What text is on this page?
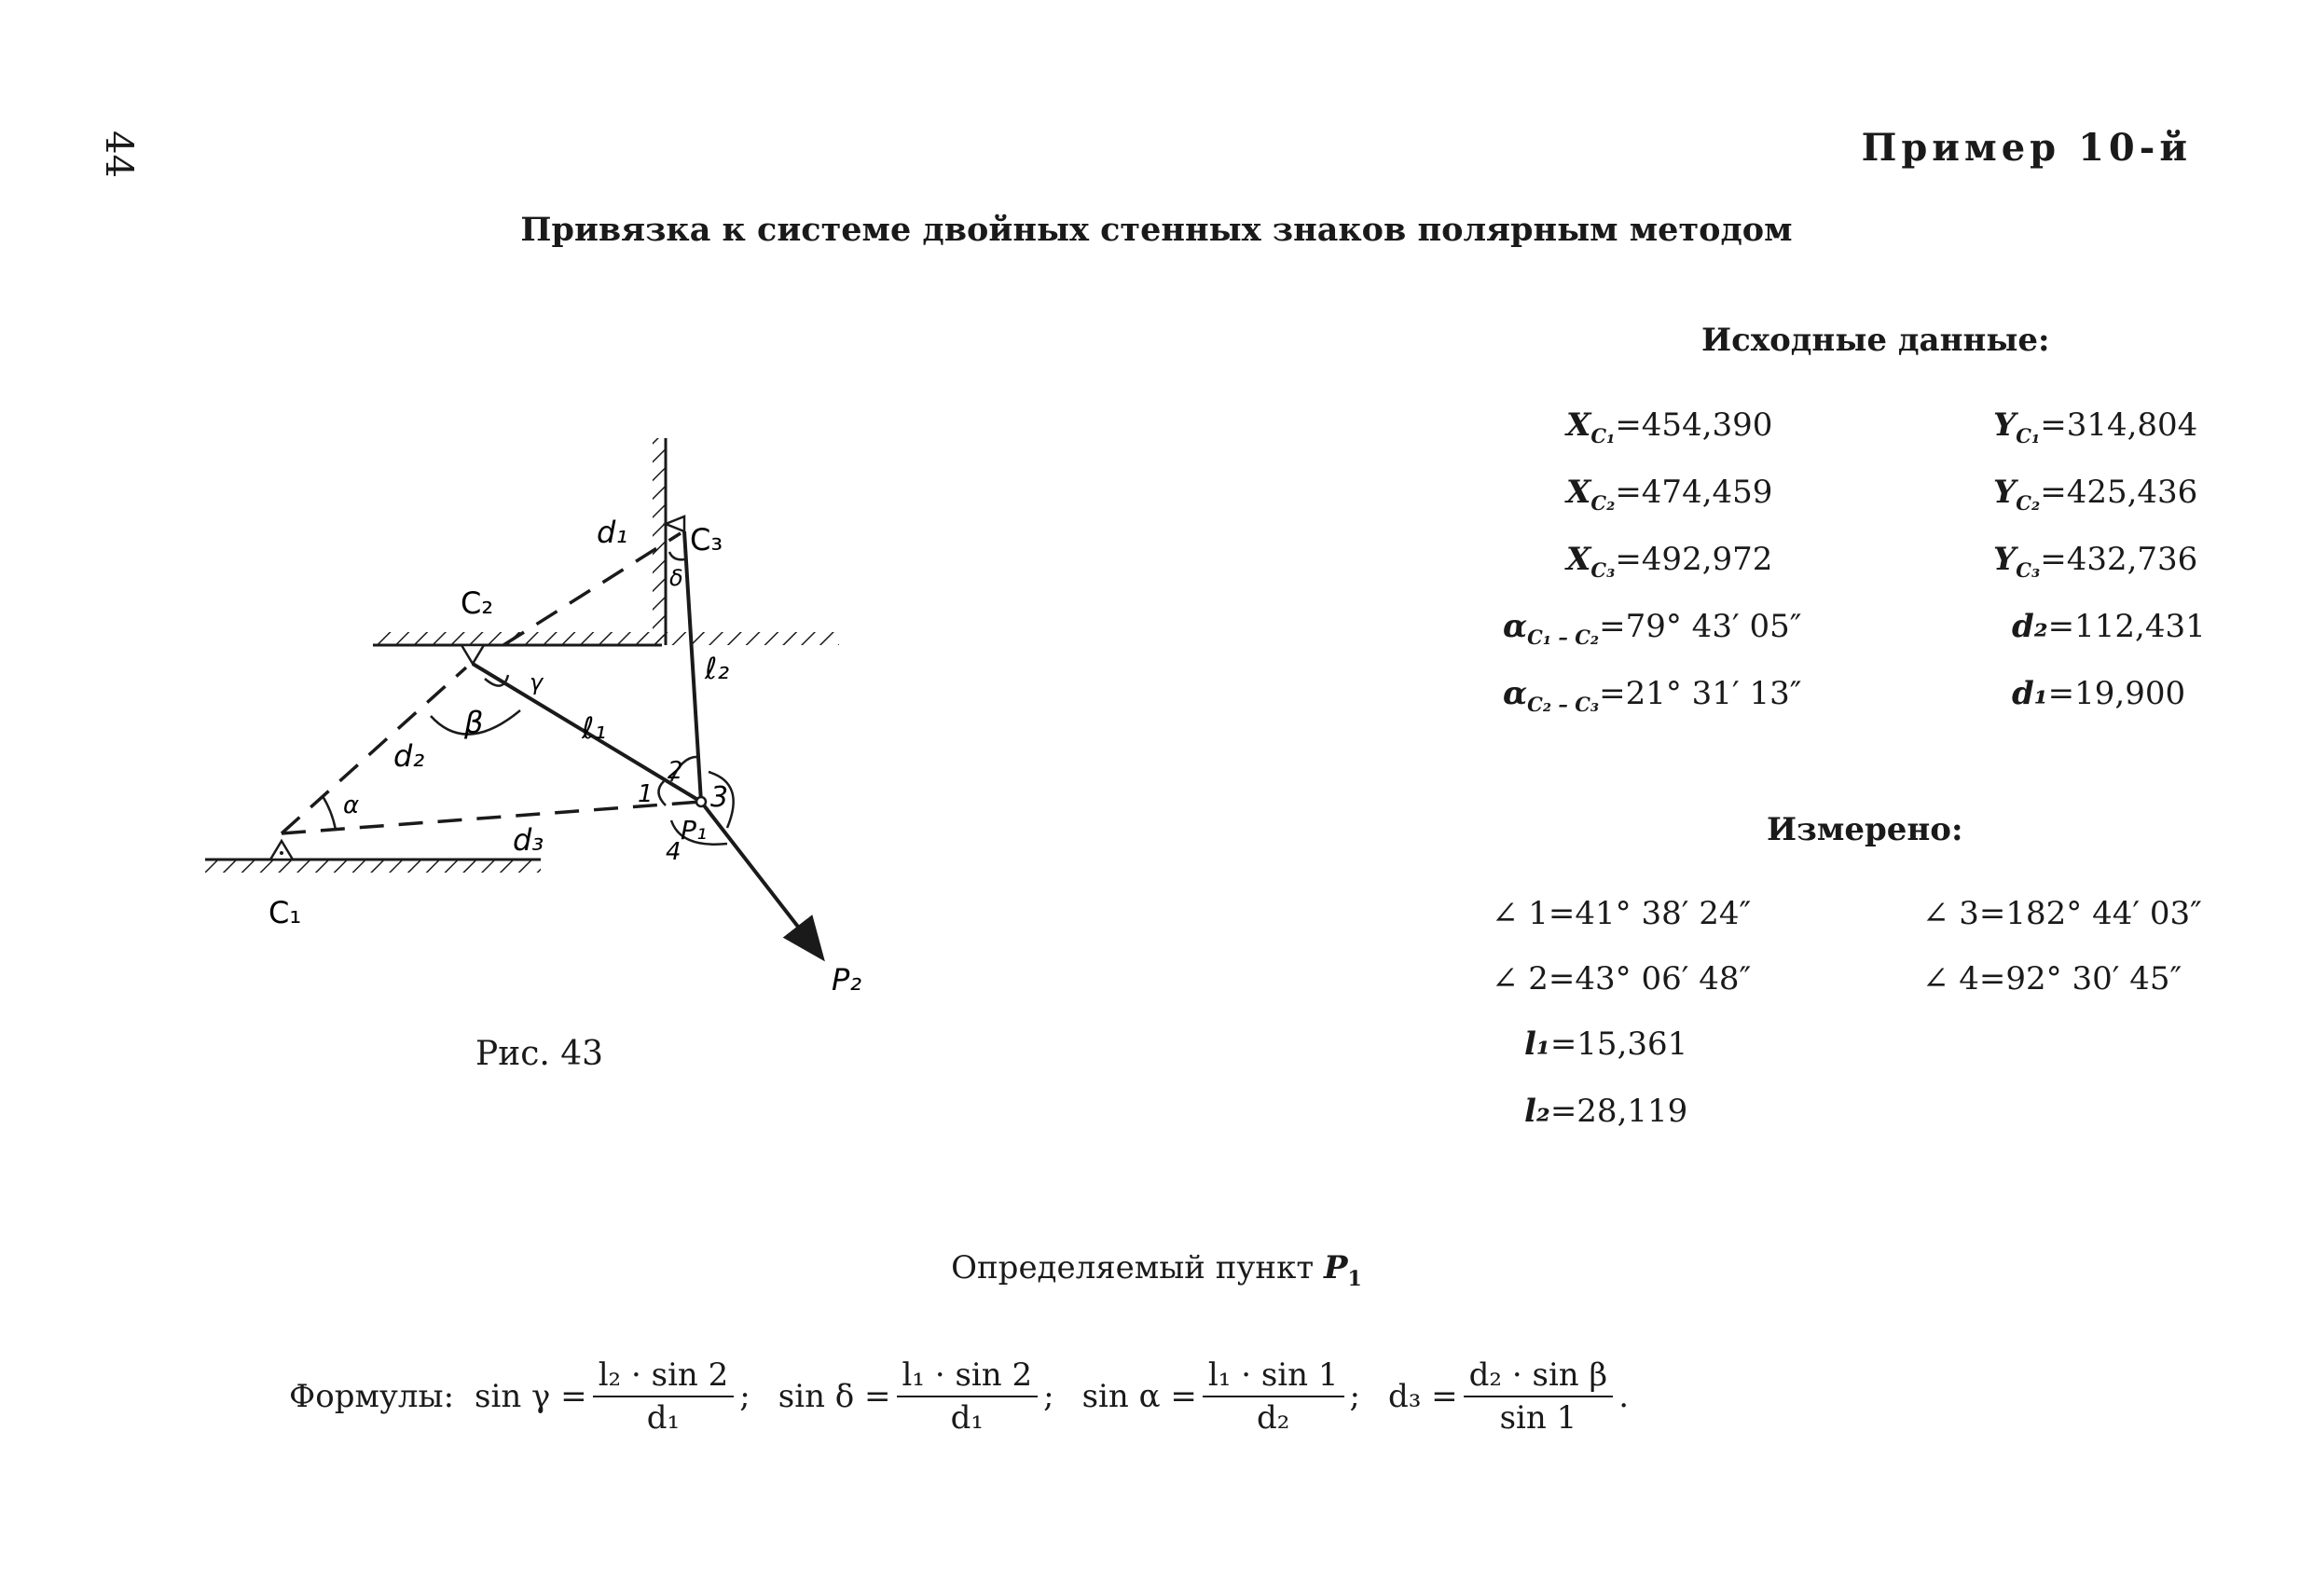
44	Пример 10-й
Привязка к системе двойных стенных знаков полярным методом
C₁
C₂
C₃
d₁
d₂
d₃
ℓ₁
ℓ₂
α
β
γ
δ
1
2
3
4
P₁
P₂
Рис. 43
Исходные данные:
$X_{C_1}=454,390$	$Y_{C_1}=314,804$
$X_{C_2}=474,459$	$Y_{C_2}=425,436$
$X_{C_3}=492,972$	$Y_{C_3}=432,736$
$\alpha_{C_1 - C_2}=79^\circ$ 43′ 05″	d₂=112,431
$\alpha_{C_2 - C_3}=21^\circ$ 31′ 13″	d₁=19,900
Измерено:
∠ 1=41° 38′ 24″	∠ 3=182° 44′ 03″
∠ 2=43° 06′ 48″	∠ 4=92° 30′ 45″
l₁=15,361
l₂=28,119
Определяемый пункт $P_1$
Формулы: $\sin \gamma = \frac{\text{l₂ · sin 2}}{\text{d₁}}$ ; $\sin \delta = \frac{\text{l₁ · sin 2}}{\text{d₁}}$ ; $\sin \alpha = \frac{\text{l₁ · sin 1}}{\text{d₂}}$ ; $d_3 = \frac{\text{d₂ · sin β}}{\sin 1}$ .
